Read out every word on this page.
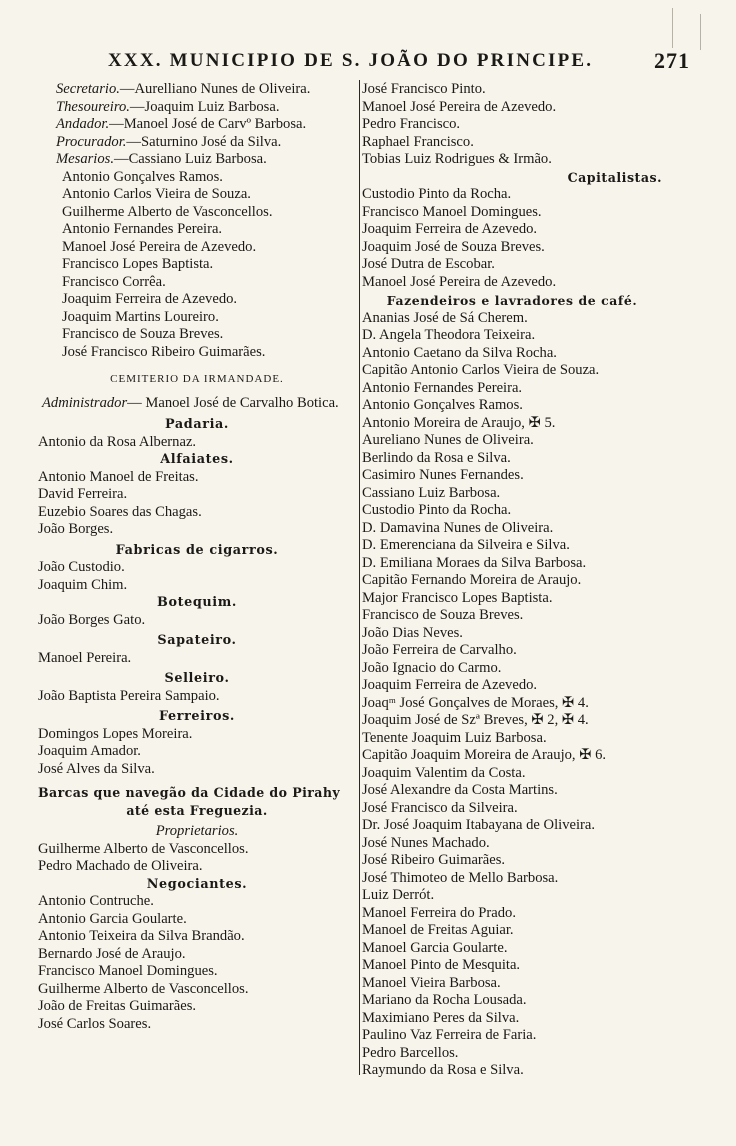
XXX. MUNICIPIO DE S. JOÃO DO PRINCIPE.	271
Secretario.—Aurelliano Nunes de Oliveira.
Thesoureiro.—Joaquim Luiz Barbosa.
Andador.—Manoel José de Carvº Barbosa.
Procurador.—Saturnino José da Silva.
Mesarios.—Cassiano Luiz Barbosa.
Antonio Gonçalves Ramos.
Antonio Carlos Vieira de Souza.
Guilherme Alberto de Vasconcellos.
Antonio Fernandes Pereira.
Manoel José Pereira de Azevedo.
Francisco Lopes Baptista.
Francisco Corrêa.
Joaquim Ferreira de Azevedo.
Joaquim Martins Loureiro.
Francisco de Souza Breves.
José Francisco Ribeiro Guimarães.
CEMITERIO DA IRMANDADE.
Administrador— Manoel José de Carvalho Botica.
Padaria.
Antonio da Rosa Albernaz.
Alfaiates.
Antonio Manoel de Freitas.
David Ferreira.
Euzebio Soares das Chagas.
João Borges.
Fabricas de cigarros.
João Custodio.
Joaquim Chim.
Botequim.
João Borges Gato.
Sapateiro.
Manoel Pereira.
Selleiro.
João Baptista Pereira Sampaio.
Ferreiros.
Domingos Lopes Moreira.
Joaquim Amador.
José Alves da Silva.
Barcas que navegão da Cidade do Pirahy
até esta Freguezia.
Proprietarios.
Guilherme Alberto de Vasconcellos.
Pedro Machado de Oliveira.
Negociantes.
Antonio Contruche.
Antonio Garcia Goularte.
Antonio Teixeira da Silva Brandão.
Bernardo José de Araujo.
Francisco Manoel Domingues.
Guilherme Alberto de Vasconcellos.
João de Freitas Guimarães.
José Carlos Soares.
José Francisco Pinto.
Manoel José Pereira de Azevedo.
Pedro Francisco.
Raphael Francisco.
Tobias Luiz Rodrigues & Irmão.
Capitalistas.
Custodio Pinto da Rocha.
Francisco Manoel Domingues.
Joaquim Ferreira de Azevedo.
Joaquim José de Souza Breves.
José Dutra de Escobar.
Manoel José Pereira de Azevedo.
Fazendeiros e lavradores de café.
Ananias José de Sá Cherem.
D. Angela Theodora Teixeira.
Antonio Caetano da Silva Rocha.
Capitão Antonio Carlos Vieira de Souza.
Antonio Fernandes Pereira.
Antonio Gonçalves Ramos.
Antonio Moreira de Araujo, ✠ 5.
Aureliano Nunes de Oliveira.
Berlindo da Rosa e Silva.
Casimiro Nunes Fernandes.
Cassiano Luiz Barbosa.
Custodio Pinto da Rocha.
D. Damavina Nunes de Oliveira.
D. Emerenciana da Silveira e Silva.
D. Emiliana Moraes da Silva Barbosa.
Capitão Fernando Moreira de Araujo.
Major Francisco Lopes Baptista.
Francisco de Souza Breves.
João Dias Neves.
João Ferreira de Carvalho.
João Ignacio do Carmo.
Joaquim Ferreira de Azevedo.
Joaqᵐ José Gonçalves de Moraes, ✠ 4.
Joaquim José de Szª Breves, ✠ 2, ✠ 4.
Tenente Joaquim Luiz Barbosa.
Capitão Joaquim Moreira de Araujo, ✠ 6.
Joaquim Valentim da Costa.
José Alexandre da Costa Martins.
José Francisco da Silveira.
Dr. José Joaquim Itabayana de Oliveira.
José Nunes Machado.
José Ribeiro Guimarães.
José Thimoteo de Mello Barbosa.
Luiz Derrót.
Manoel Ferreira do Prado.
Manoel de Freitas Aguiar.
Manoel Garcia Goularte.
Manoel Pinto de Mesquita.
Manoel Vieira Barbosa.
Mariano da Rocha Lousada.
Maximiano Peres da Silva.
Paulino Vaz Ferreira de Faria.
Pedro Barcellos.
Raymundo da Rosa e Silva.
